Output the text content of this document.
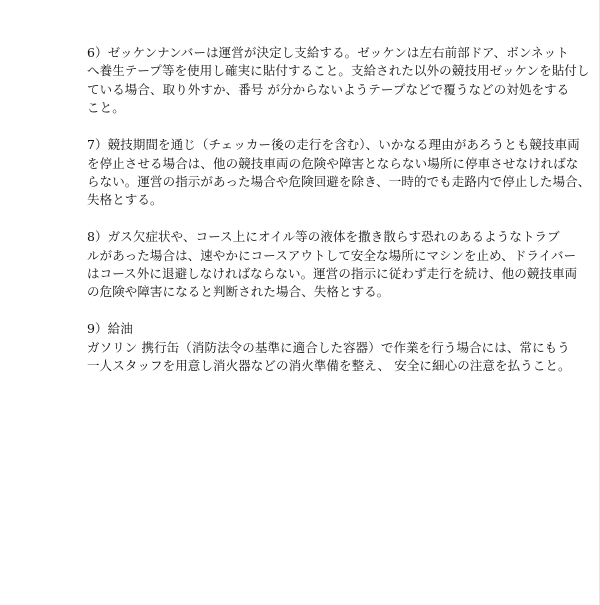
6）ゼッケンナンバーは運営が決定し支給する。ゼッケンは左右前部ドア、ボンネット
へ養生テープ等を使用し確実に貼付すること。支給された以外の競技用ゼッケンを貼付し
ている場合、取り外すか、番号 が分からないようテープなどで覆うなどの対処をする
こと。
7）競技期間を通じ（チェッカー後の走行を含む）、いかなる理由があろうとも競技車両
を停止させる場合は、他の競技車両の危険や障害とならない場所に停車させなければな
らない。運営の指示があった場合や危険回避を除き、一時的でも走路内で停止した場合、
失格とする。
8）ガス欠症状や、コース上にオイル等の液体を撒き散らす恐れのあるようなトラブ
ルがあった場合は、速やかにコースアウトして安全な場所にマシンを止め、ドライバー
はコース外に退避しなければならない。運営の指示に従わず走行を続け、他の競技車両
の危険や障害になると判断された場合、失格とする。
9）給油
ガソリン 携行缶（消防法令の基準に適合した容器）で作業を行う場合には、常にもう
一人スタッフを用意し消火器などの消火準備を整え、 安全に細心の注意を払うこと。
